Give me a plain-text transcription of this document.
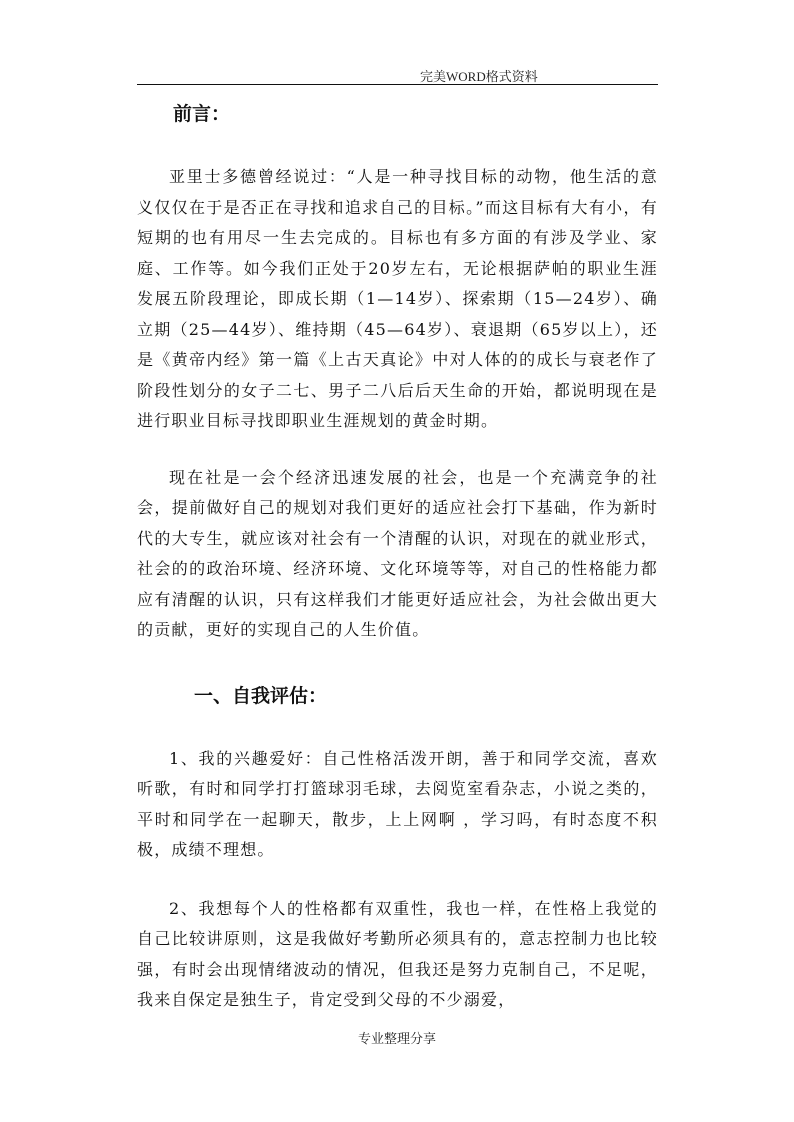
完美WORD格式资料
前言：

亚里士多德曾经说过：“人是一种寻找目标的动物，他生活的意义仅仅在于是否正在寻找和追求自己的目标。”而这目标有大有小，有短期的也有用尽一生去完成的。目标也有多方面的有涉及学业、家庭、工作等。如今我们正处于20岁左右，无论根据萨帕的职业生涯发展五阶段理论，即成长期（1—14岁）、探索期（15—24岁）、确立期（25—44岁）、维持期（45—64岁）、衰退期（65岁以上），还是《黄帝内经》第一篇《上古天真论》中对人体的的成长与衰老作了阶段性划分的女子二七、男子二八后后天生命的开始，都说明现在是进行职业目标寻找即职业生涯规划的黄金时期。

现在社是一会个经济迅速发展的社会，也是一个充满竞争的社会，提前做好自己的规划对我们更好的适应社会打下基础，作为新时代的大专生，就应该对社会有一个清醒的认识，对现在的就业形式，社会的的政治环境、经济环境、文化环境等等，对自己的性格能力都应有清醒的认识，只有这样我们才能更好适应社会，为社会做出更大的贡献，更好的实现自己的人生价值。

一、自我评估：

1、我的兴趣爱好：自己性格活泼开朗，善于和同学交流，喜欢听歌，有时和同学打打篮球羽毛球，去阅览室看杂志，小说之类的，平时和同学在一起聊天，散步，上上网啊 ，学习吗，有时态度不积极，成绩不理想。

2、我想每个人的性格都有双重性，我也一样，在性格上我觉的自己比较讲原则，这是我做好考勤所必须具有的，意志控制力也比较强，有时会出现情绪波动的情况，但我还是努力克制自己，不足呢，我来自保定是独生子，肯定受到父母的不少溺爱，

专业整理分享
